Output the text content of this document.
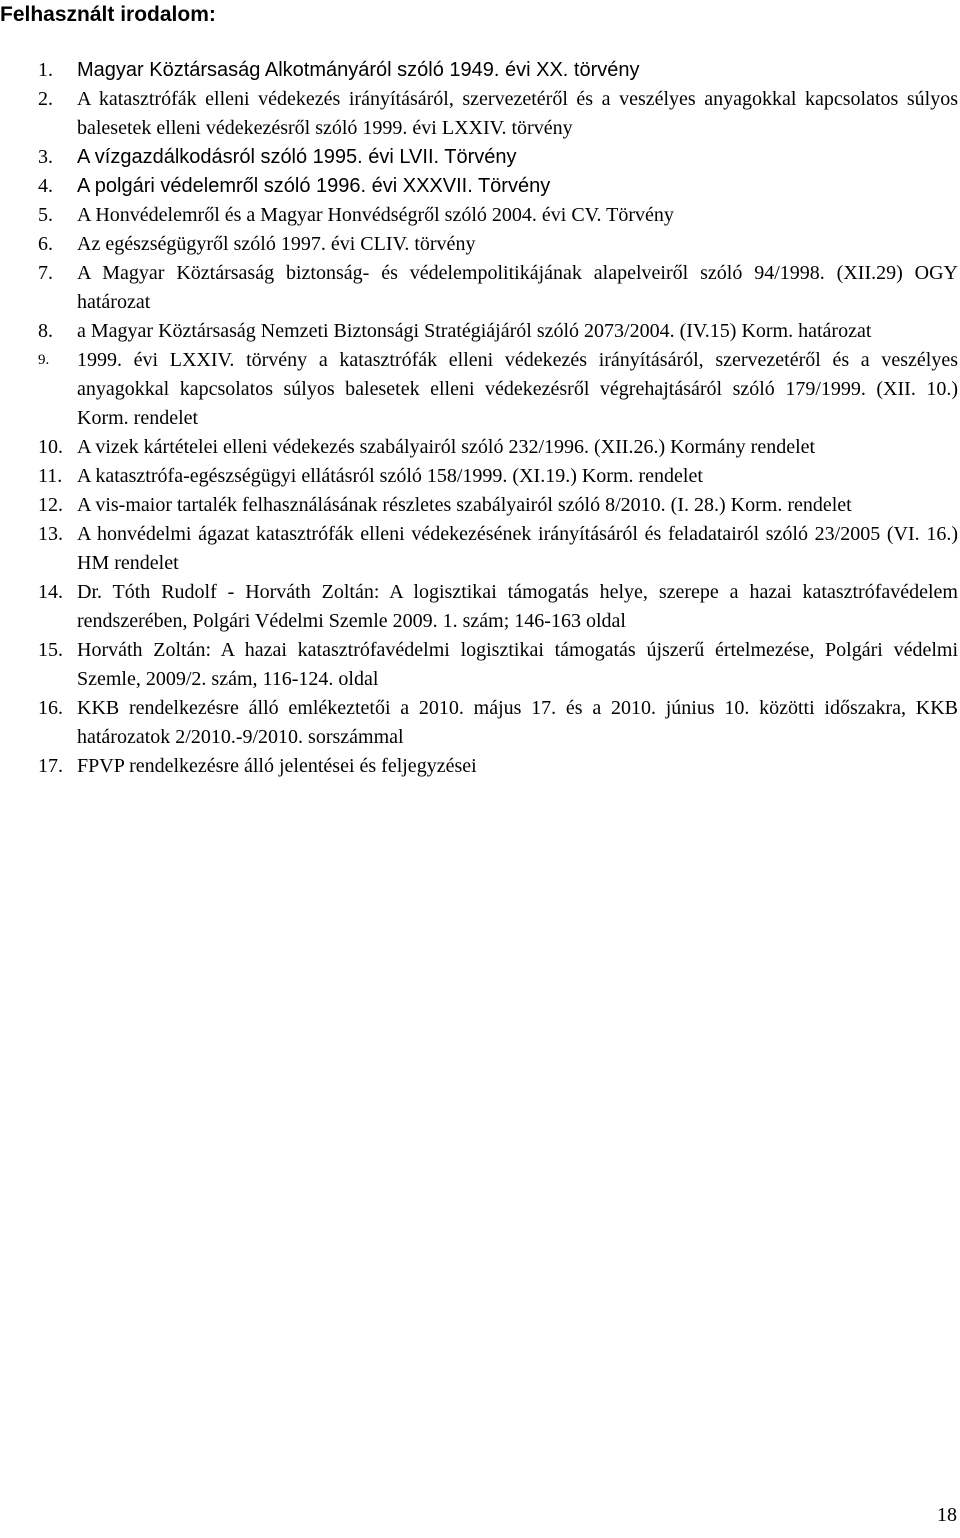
Felhasznált irodalom:
1. Magyar Köztársaság Alkotmányáról szóló 1949. évi XX. törvény
2. A katasztrófák elleni védekezés irányításáról, szervezetéről és a veszélyes anyagokkal kapcsolatos súlyos balesetek elleni védekezésről szóló 1999. évi LXXIV. törvény
3. A vízgazdálkodásról szóló 1995. évi LVII. Törvény
4. A polgári védelemről szóló 1996. évi XXXVII. Törvény
5. A Honvédelemről és a Magyar Honvédségről szóló 2004. évi CV. Törvény
6. Az egészségügyről szóló 1997. évi CLIV. törvény
7. A Magyar Köztársaság biztonság- és védelempolitikájának alapelveiről szóló 94/1998. (XII.29) OGY határozat
8. a Magyar Köztársaság Nemzeti Biztonsági Stratégiájáról szóló 2073/2004. (IV.15) Korm. határozat
9. 1999. évi LXXIV. törvény a katasztrófák elleni védekezés irányításáról, szervezetéről és a veszélyes anyagokkal kapcsolatos súlyos balesetek elleni védekezésről végrehajtásáról szóló 179/1999. (XII. 10.) Korm. rendelet
10. A vizek kártételei elleni védekezés szabályairól szóló 232/1996. (XII.26.) Kormány rendelet
11. A katasztrófa-egészségügyi ellátásról szóló 158/1999. (XI.19.) Korm. rendelet
12. A vis-maior tartalék felhasználásának részletes szabályairól szóló 8/2010. (I. 28.) Korm. rendelet
13. A honvédelmi ágazat katasztrófák elleni védekezésének irányításáról és feladatairól szóló 23/2005 (VI. 16.) HM rendelet
14. Dr. Tóth Rudolf - Horváth Zoltán: A logisztikai támogatás helye, szerepe a hazai katasztrófavédelem rendszerében, Polgári Védelmi Szemle 2009. 1. szám; 146-163 oldal
15. Horváth Zoltán: A hazai katasztrófavédelmi logisztikai támogatás újszerű értelmezése, Polgári védelmi Szemle, 2009/2. szám, 116-124. oldal
16. KKB rendelkezésre álló emlékeztetői a 2010. május 17. és a 2010. június 10. közötti időszakra, KKB határozatok 2/2010.-9/2010. sorszámmal
17. FPVP rendelkezésre álló jelentései és feljegyzései
18
